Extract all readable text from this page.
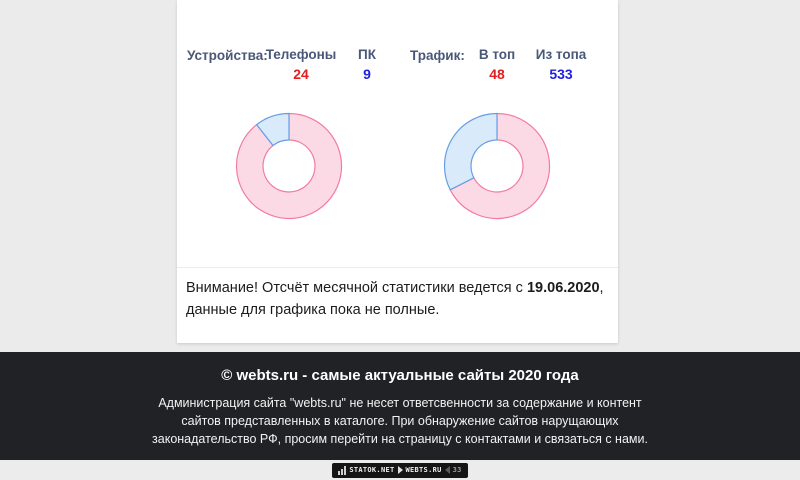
Устройства:
Телефоны
24
ПК
9
Трафик: В топ
48
Из топа
533
Внимание! Отсчёт месячной статистики ведется с 19.06.2020, данные для графика пока не полные.
© webts.ru - самые актуальные сайты 2020 года

Администрация сайта "webts.ru" не несет ответсвенности за содержание и контент
сайтов представленных в каталоге. При обнаружение сайтов нарущающих
законадательство РФ, просим перейти на страницу с контактами и связаться с нами.

STATOK.NET WEBTS.RU 33
